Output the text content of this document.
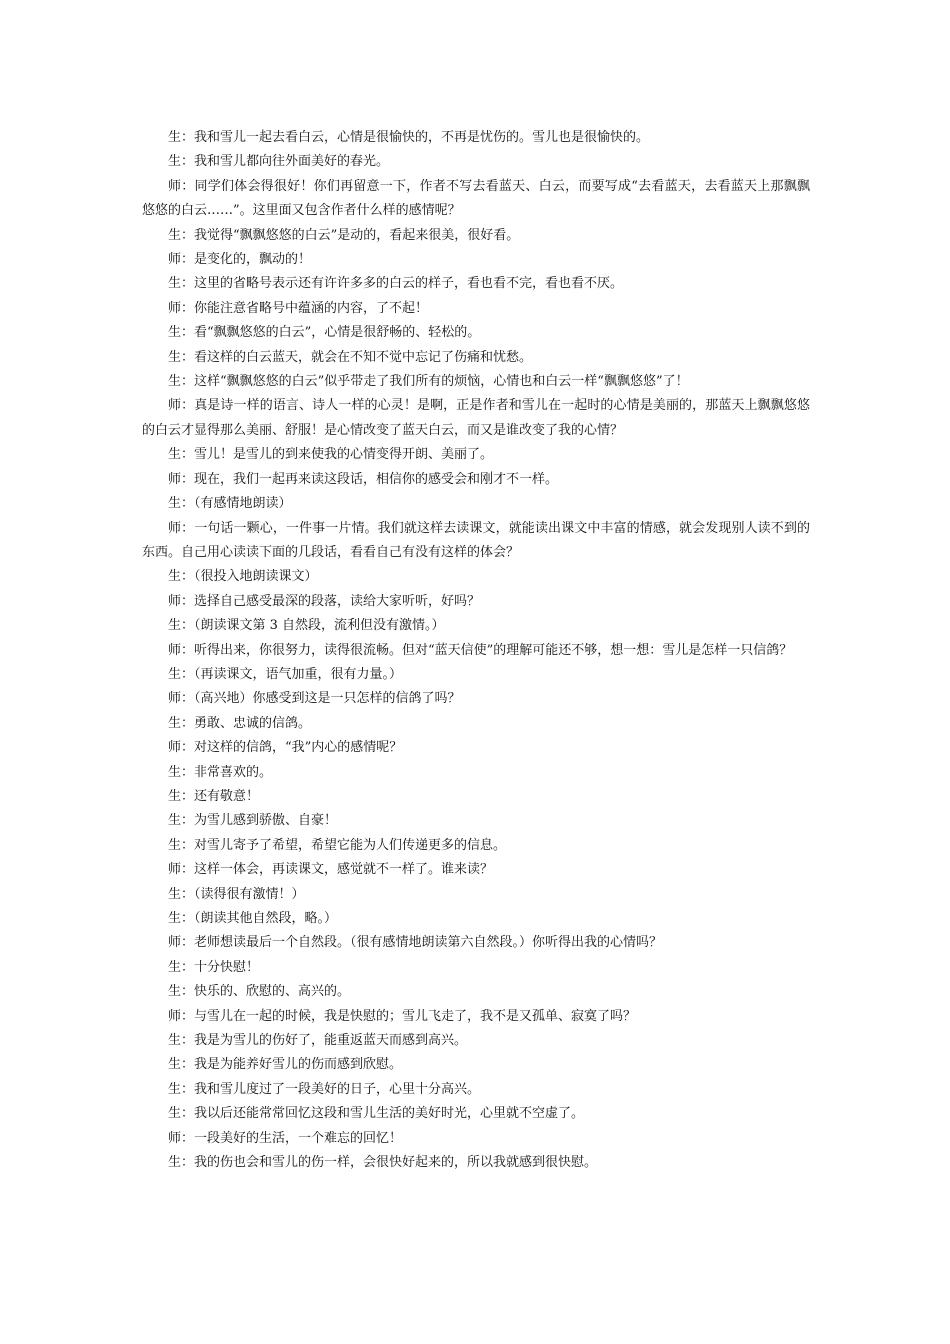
生：我和雪儿一起去看白云，心情是很愉快的，不再是忧伤的。雪儿也是很愉快的。

生：我和雪儿都向往外面美好的春光。

师：同学们体会得很好！你们再留意一下，作者不写去看蓝天、白云，而要写成“去看蓝天，去看蓝天上那飘飘悠悠的白云……”。这里面又包含作者什么样的感情呢？

生：我觉得“飘飘悠悠的白云”是动的，看起来很美，很好看。

师：是变化的，飘动的！

生：这里的省略号表示还有许许多多的白云的样子，看也看不完，看也看不厌。

师：你能注意省略号中蕴涵的内容，了不起！

生：看“飘飘悠悠的白云”，心情是很舒畅的、轻松的。

生：看这样的白云蓝天，就会在不知不觉中忘记了伤痛和忧愁。

生：这样“飘飘悠悠的白云”似乎带走了我们所有的烦恼，心情也和白云一样“飘飘悠悠”了！

师：真是诗一样的语言、诗人一样的心灵！是啊，正是作者和雪儿在一起时的心情是美丽的，那蓝天上飘飘悠悠的白云才显得那么美丽、舒服！是心情改变了蓝天白云，而又是谁改变了我的心情？

生：雪儿！是雪儿的到来使我的心情变得开朗、美丽了。

师：现在，我们一起再来读这段话，相信你的感受会和刚才不一样。

生：（有感情地朗读）

师：一句话一颗心，一件事一片情。我们就这样去读课文，就能读出课文中丰富的情感，就会发现别人读不到的东西。自己用心读读下面的几段话，看看自己有没有这样的体会？

生：（很投入地朗读课文）

师：选择自己感受最深的段落，读给大家听听，好吗？

生：（朗读课文第 3 自然段，流利但没有激情。）

师：听得出来，你很努力，读得很流畅。但对“蓝天信使”的理解可能还不够，想一想：雪儿是怎样一只信鸽？

生：（再读课文，语气加重，很有力量。）

师：（高兴地）你感受到这是一只怎样的信鸽了吗？

生：勇敢、忠诚的信鸽。

师：对这样的信鸽，“我”内心的感情呢？

生：非常喜欢的。

生：还有敬意！

生：为雪儿感到骄傲、自豪！

生：对雪儿寄予了希望，希望它能为人们传递更多的信息。

师：这样一体会，再读课文，感觉就不一样了。谁来读？

生：（读得很有激情！）

生：（朗读其他自然段，略。）

师：老师想读最后一个自然段。（很有感情地朗读第六自然段。）你听得出我的心情吗？

生：十分快慰！

生：快乐的、欣慰的、高兴的。

师：与雪儿在一起的时候，我是快慰的；雪儿飞走了，我不是又孤单、寂寞了吗？

生：我是为雪儿的伤好了，能重返蓝天而感到高兴。

生：我是为能养好雪儿的伤而感到欣慰。

生：我和雪儿度过了一段美好的日子，心里十分高兴。

生：我以后还能常常回忆这段和雪儿生活的美好时光，心里就不空虚了。

师：一段美好的生活，一个难忘的回忆！

生：我的伤也会和雪儿的伤一样，会很快好起来的，所以我就感到很快慰。
